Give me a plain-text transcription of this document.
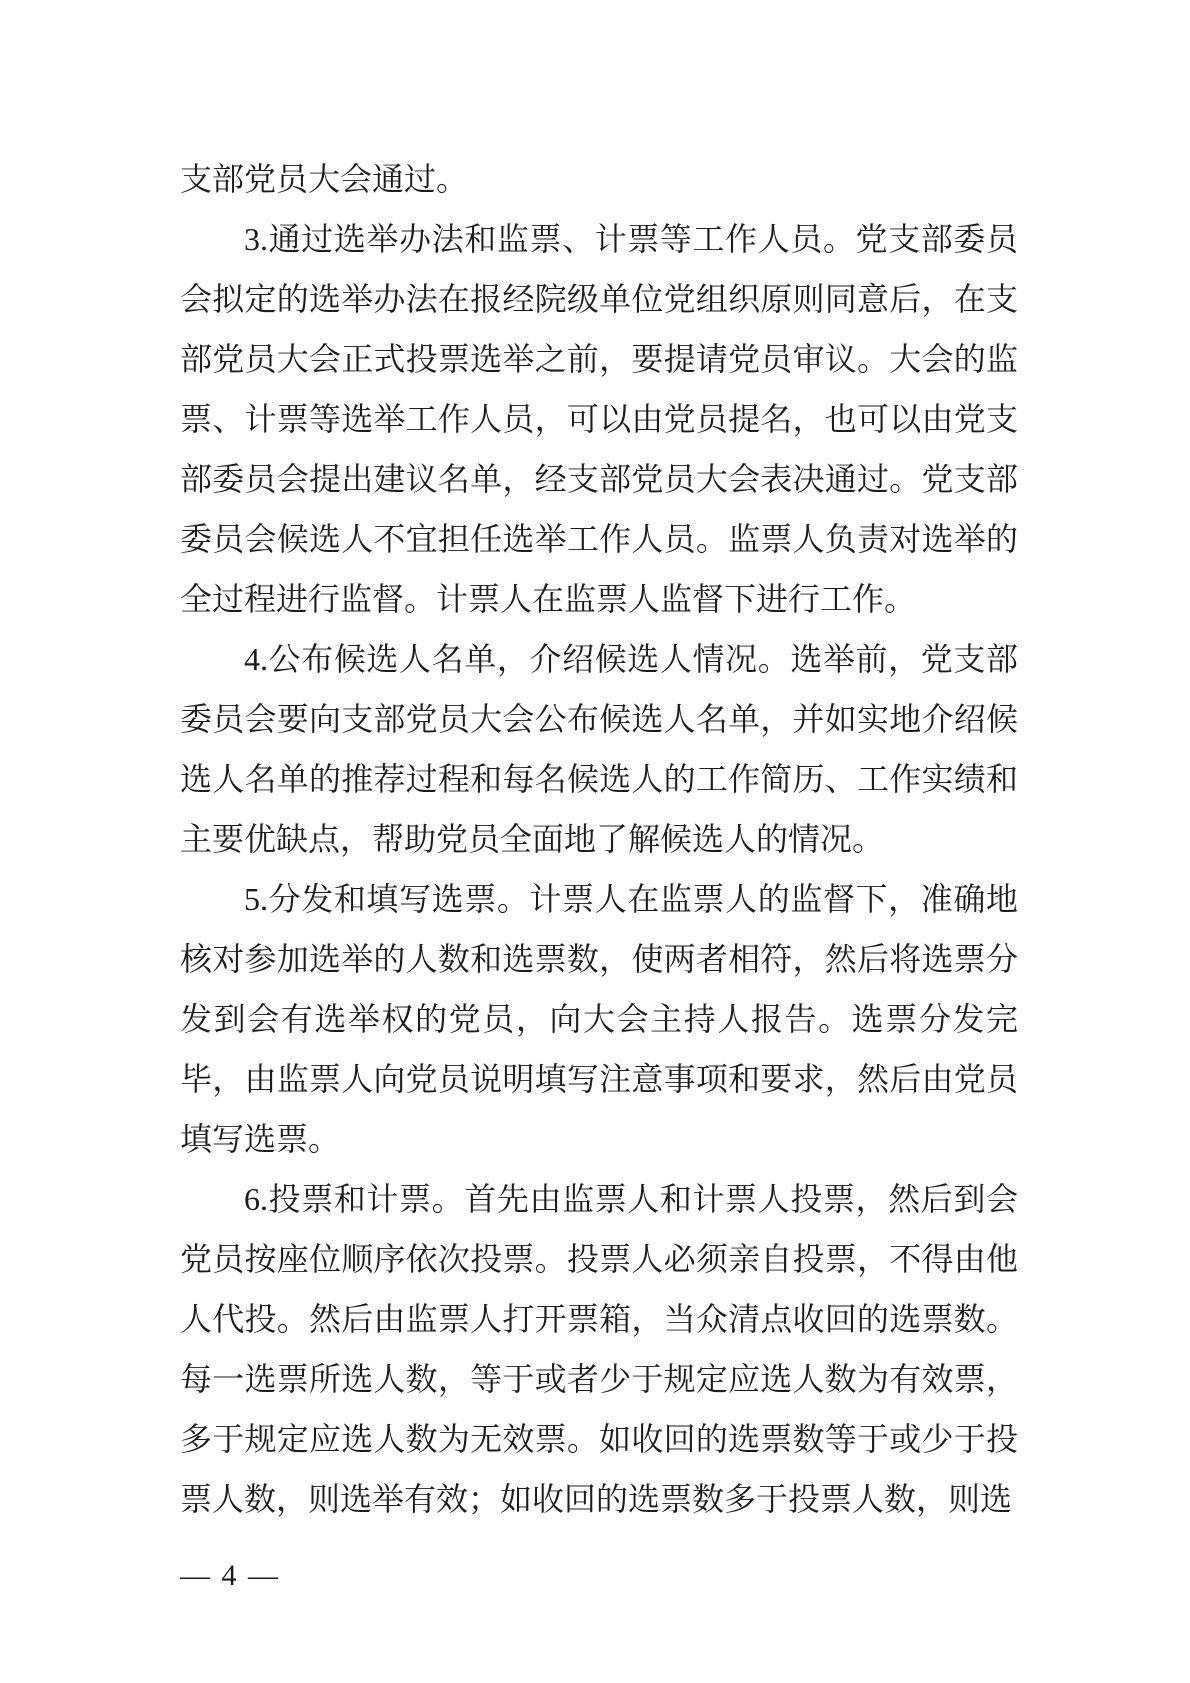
支部党员大会通过。

3.通过选举办法和监票、计票等工作人员。党支部委员会拟定的选举办法在报经院级单位党组织原则同意后，在支部党员大会正式投票选举之前，要提请党员审议。大会的监票、计票等选举工作人员，可以由党员提名，也可以由党支部委员会提出建议名单，经支部党员大会表决通过。党支部委员会候选人不宜担任选举工作人员。监票人负责对选举的全过程进行监督。计票人在监票人监督下进行工作。

4.公布候选人名单，介绍候选人情况。选举前，党支部委员会要向支部党员大会公布候选人名单，并如实地介绍候选人名单的推荐过程和每名候选人的工作简历、工作实绩和主要优缺点，帮助党员全面地了解候选人的情况。

5.分发和填写选票。计票人在监票人的监督下，准确地核对参加选举的人数和选票数，使两者相符，然后将选票分发到会有选举权的党员，向大会主持人报告。选票分发完毕，由监票人向党员说明填写注意事项和要求，然后由党员填写选票。

6.投票和计票。首先由监票人和计票人投票，然后到会党员按座位顺序依次投票。投票人必须亲自投票，不得由他人代投。然后由监票人打开票箱，当众清点收回的选票数。每一选票所选人数，等于或者少于规定应选人数为有效票，多于规定应选人数为无效票。如收回的选票数等于或少于投票人数，则选举有效；如收回的选票数多于投票人数，则选

— 4 —
